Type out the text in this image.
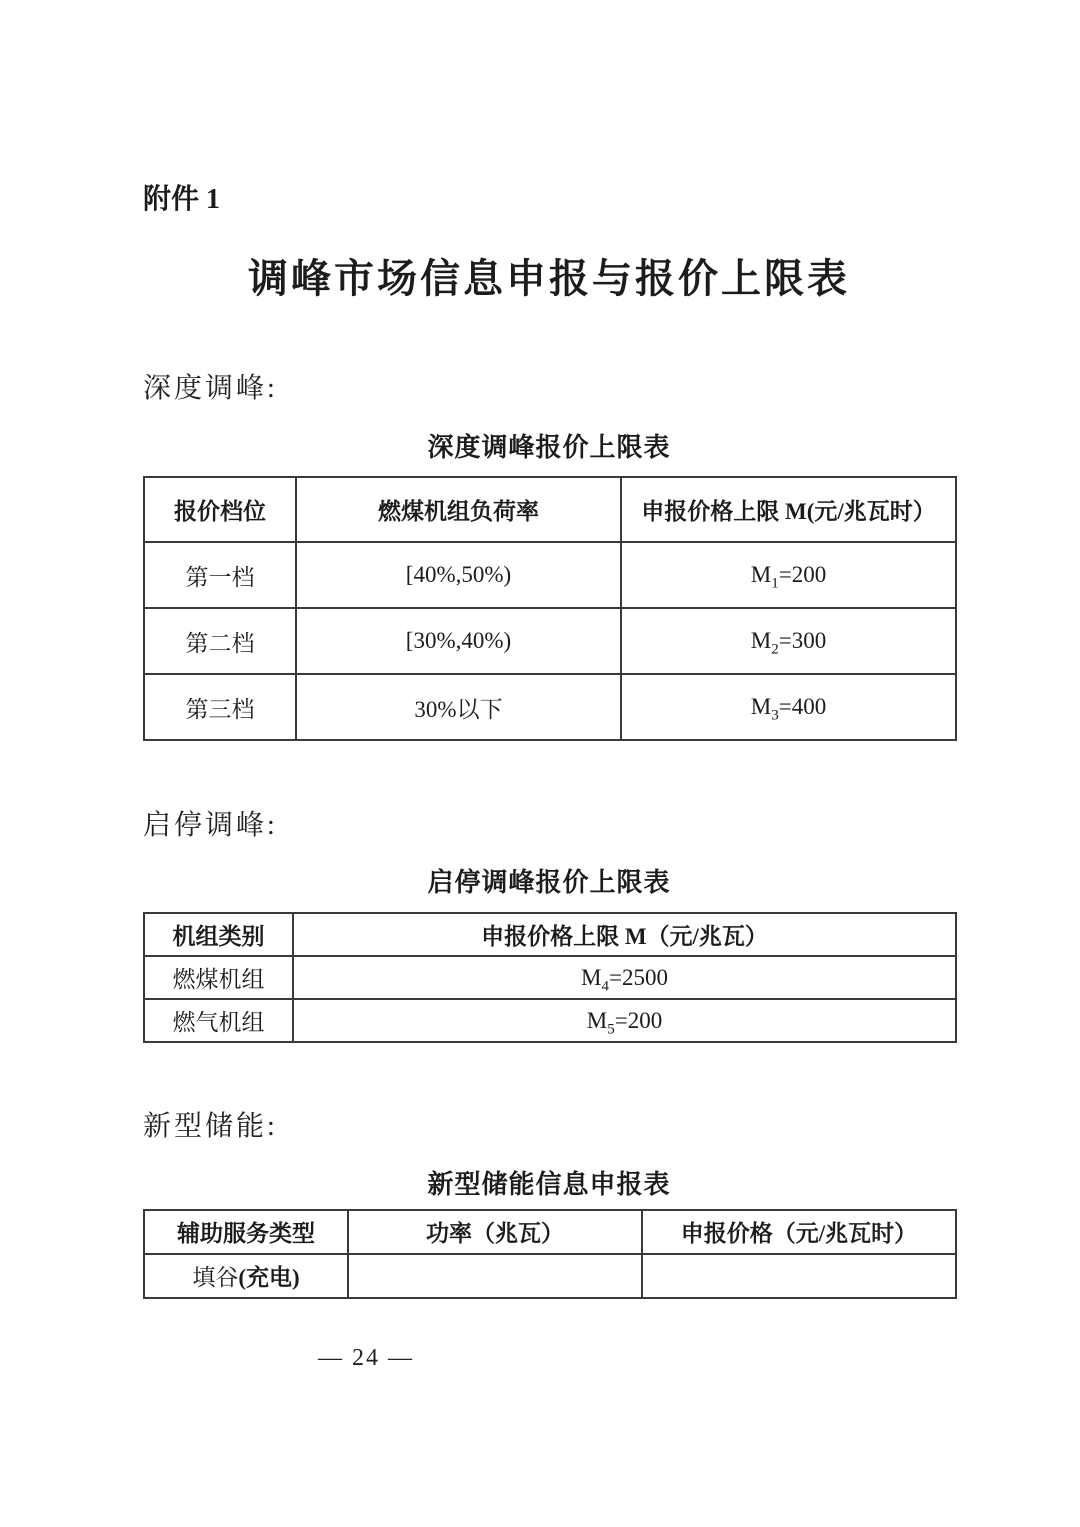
附件 1
调峰市场信息申报与报价上限表
深度调峰:
深度调峰报价上限表
报价档位	燃煤机组负荷率	申报价格上限 M(元/兆瓦时）
第一档	[40%,50%)	$M_1=200$
第二档	[30%,40%)	$M_2=300$
第三档	30%以下	$M_3=400$
启停调峰:
启停调峰报价上限表
机组类别	申报价格上限 M（元/兆瓦）
燃煤机组	$M_4=2500$
燃气机组	$M_5=200$
新型储能:
新型储能信息申报表
辅助服务类型	功率（兆瓦）	申报价格（元/兆瓦时）
填谷(充电)		
— 24 —
